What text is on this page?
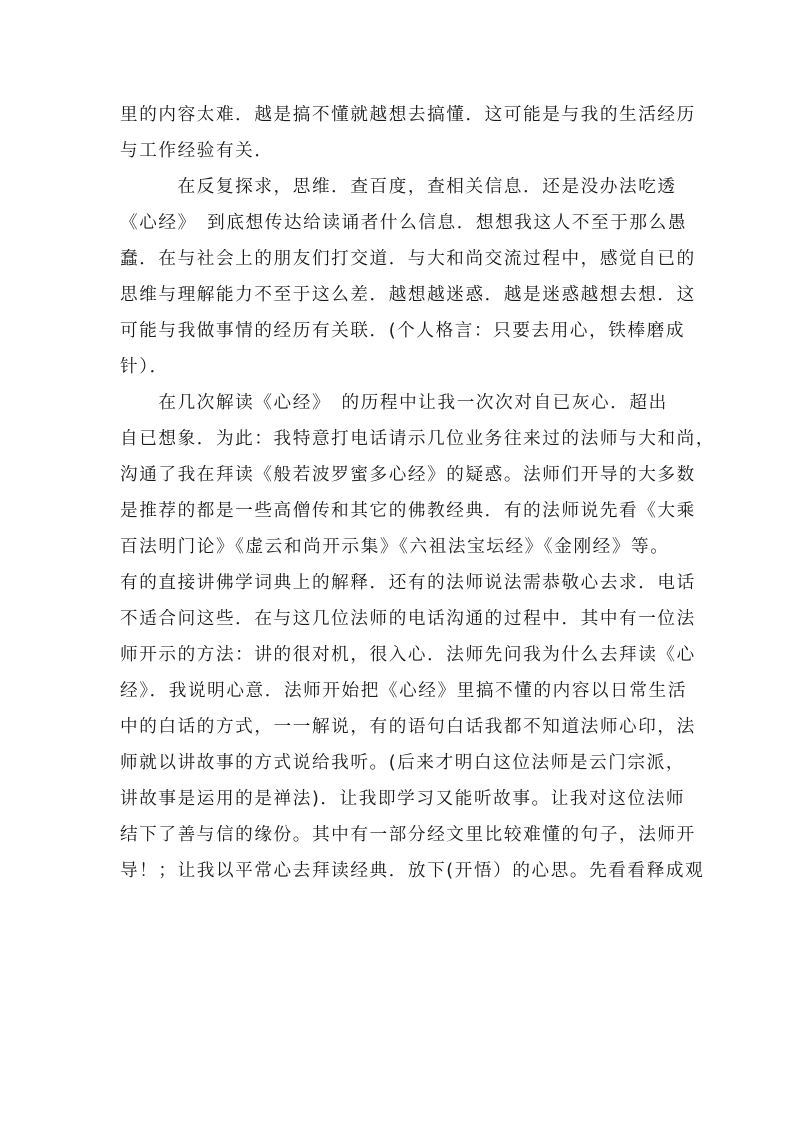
里的内容太难．越是搞不懂就越想去搞懂．这可能是与我的生活经历
与工作经验有关．
　　　在反复探求，思维．查百度，查相关信息．还是没办法吃透
《心经》　到底想传达给读诵者什么信息．想想我这人不至于那么愚
蠢．在与社会上的朋友们打交道．与大和尚交流过程中，感觉自已的
思维与理解能力不至于这么差．越想越迷惑．越是迷惑越想去想．这
可能与我做事情的经历有关联．(个人格言：只要去用心，铁棒磨成
针）．
　　在几次解读《心经》　的历程中让我一次次对自已灰心．超出
自已想象．为此：我特意打电话请示几位业务往来过的法师与大和尚，
沟通了我在拜读《般若波罗蜜多心经》的疑惑。法师们开导的大多数
是推荐的都是一些高僧传和其它的佛教经典．有的法师说先看《大乘
百法明门论》《虚云和尚开示集》《六祖法宝坛经》《金刚经》等。
有的直接讲佛学词典上的解释．还有的法师说法需恭敬心去求．电话
不适合问这些．在与这几位法师的电话沟通的过程中．其中有一位法
师开示的方法：讲的很对机，很入心．法师先问我为什么去拜读《心
经》．我说明心意．法师开始把《心经》里搞不懂的内容以日常生活
中的白话的方式，一一解说，有的语句白话我都不知道法师心印，法
师就以讲故事的方式说给我听。(后来才明白这位法师是云门宗派，
讲故事是运用的是禅法)．让我即学习又能听故事。让我对这位法师
结下了善与信的缘份。其中有一部分经文里比较难懂的句子，法师开
导！；让我以平常心去拜读经典．放下(开悟）的心思。先看看释成观
